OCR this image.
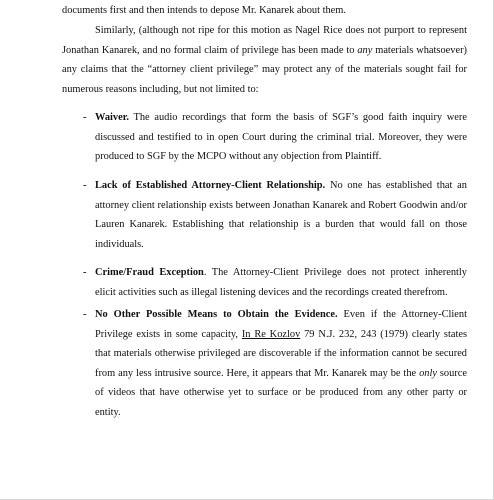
documents first and then intends to depose Mr. Kanarek about them.

Similarly, (although not ripe for this motion as Nagel Rice does not purport to represent Jonathan Kanarek, and no formal claim of privilege has been made to any materials whatsoever) any claims that the “attorney client privilege” may protect any of the materials sought fail for numerous reasons including, but not limited to:

- Waiver. The audio recordings that form the basis of SGF’s good faith inquiry were discussed and testified to in open Court during the criminal trial. Moreover, they were produced to SGF by the MCPO without any objection from Plaintiff.

- Lack of Established Attorney-Client Relationship. No one has established that an attorney client relationship exists between Jonathan Kanarek and Robert Goodwin and/or Lauren Kanarek. Establishing that relationship is a burden that would fall on those individuals.

- Crime/Fraud Exception. The Attorney-Client Privilege does not protect inherently elicit activities such as illegal listening devices and the recordings created therefrom.

- No Other Possible Means to Obtain the Evidence. Even if the Attorney-Client Privilege exists in some capacity, In Re Kozlov 79 N.J. 232, 243 (1979) clearly states that materials otherwise privileged are discoverable if the information cannot be secured from any less intrusive source. Here, it appears that Mr. Kanarek may be the only source of videos that have otherwise yet to surface or be produced from any other party or entity.
